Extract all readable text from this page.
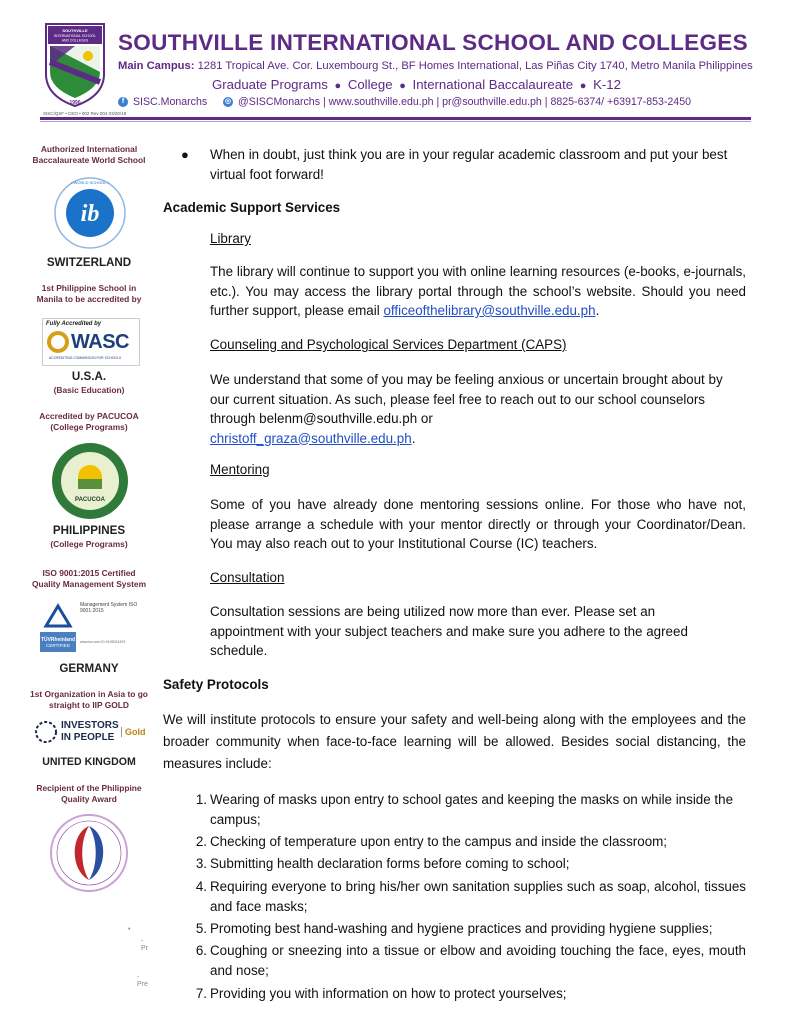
SOUTHVILLE
INTERNATIONAL SCHOOL
AND COLLEGES
1990
SOUTHVILLE INTERNATIONAL SCHOOL AND COLLEGES
Main Campus: 1281 Tropical Ave. Cor. Luxembourg St., BF Homes International, Las Piñas City 1740, Metro Manila Philippines
Graduate Programs ● College ● International Baccalaureate ● K-12
f SISC.Monarchs	◎ @SISCMonarchs | www.southville.edu.ph | pr@southville.edu.ph | 8825-6374/ +63917-853-2450
SISC/QSF • CEO • 002 Rev 004 03/20/19
Authorized International Baccalaureate World School
ib
• WORLD SCHOOL •
SWITZERLAND
1st Philippine School in Manila to be accredited by
Fully Accredited by
WASC
ACCREDITING COMMISSION FOR SCHOOLS
U.S.A.
(Basic Education)
Accredited by PACUCOA (College Programs)
PACUCOA
PHILIPPINES
(College Programs)
ISO 9001:2015 Certified Quality Management System
TÜVRheinland
CERTIFIED
Management System ISO 9001:2015
www.tuv.com ID 9105024329
GERMANY
1st Organization in Asia to go straight to IIP GOLD
INVESTORS
IN PEOPLE	Gold
UNITED KINGDOM
Recipient of the Philippine Quality Award
•
- Pr
- Pre
● When in doubt, just think you are in your regular academic classroom and put your best virtual foot forward!

Academic Support Services

Library

The library will continue to support you with online learning resources (e-books, e-journals, etc.). You may access the library portal through the school’s website. Should you need further support, please email officeofthelibrary@southville.edu.ph.

Counseling and Psychological Services Department (CAPS)

We understand that some of you may be feeling anxious or uncertain brought about by our current situation. As such, please feel free to reach out to our school counselors through belenm@southville.edu.ph or
christoff_graza@southville.edu.ph.

Mentoring

Some of you have already done mentoring sessions online. For those who have not, please arrange a schedule with your mentor directly or through your Coordinator/Dean. You may also reach out to your Institutional Course (IC) teachers.

Consultation

Consultation sessions are being utilized now more than ever. Please set an appointment with your subject teachers and make sure you adhere to the agreed schedule.

Safety Protocols

We will institute protocols to ensure your safety and well-being along with the employees and the broader community when face-to-face learning will be allowed. Besides social distancing, the measures include:

1. Wearing of masks upon entry to school gates and keeping the masks on while inside the campus;

2. Checking of temperature upon entry to the campus and inside the classroom;

3. Submitting health declaration forms before coming to school;

4. Requiring everyone to bring his/her own sanitation supplies such as soap, alcohol, tissues and face masks;

5. Promoting best hand-washing and hygiene practices and providing hygiene supplies;

6. Coughing or sneezing into a tissue or elbow and avoiding touching the face, eyes, mouth and nose;

7. Providing you with information on how to protect yourselves;
